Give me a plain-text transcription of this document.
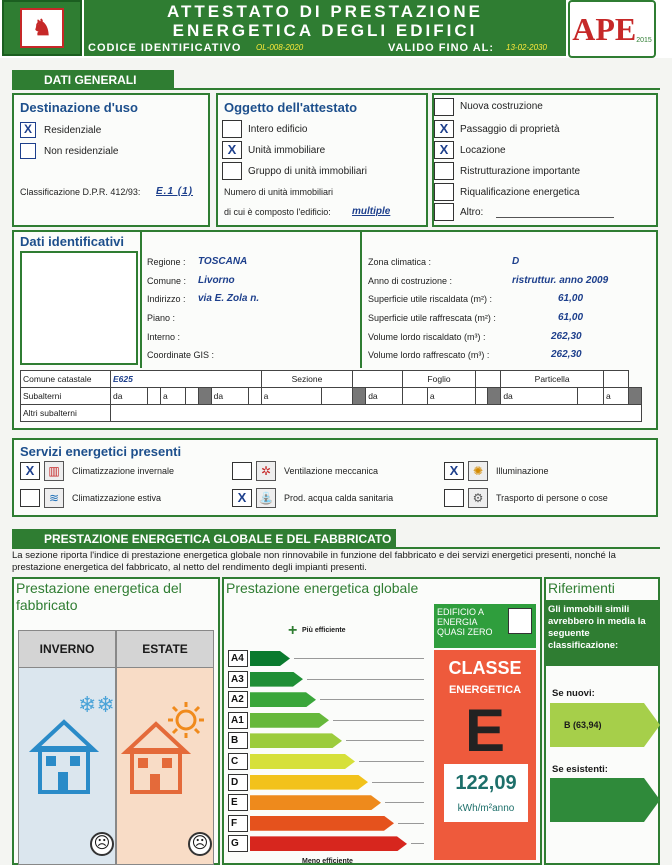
♞
ATTESTATO DI PRESTAZIONE
ENERGETICA DEGLI EDIFICI
CODICE IDENTIFICATIVO OL-008-2020	VALIDO FINO AL: 13-02-2030
APE 2015
DATI GENERALI
Destinazione d'uso
X	Residenziale
Non residenziale
Classificazione D.P.R. 412/93: E.1 (1)
Oggetto dell'attestato
Intero edificio
X	Unità immobiliare
Gruppo di unità immobiliari
Numero di unità immobiliari
di cui è composto l'edificio: multiple
Nuova costruzione
X	Passaggio di proprietà
X	Locazione
Ristrutturazione importante
Riqualificazione energetica
Altro:
Dati identificativi
Regione : TOSCANA
Comune : Livorno
Indirizzo : via E. Zola n.
Piano :
Interno :
Coordinate GIS :
Zona climatica :	D
Anno di costruzione :	ristruttur. anno 2009
Superficie utile riscaldata (m²) :	61,00
Superficie utile raffrescata (m²) :	61,00
Volume lordo riscaldato (m³) :	262,30
Volume lordo raffrescato (m³) :	262,30
Comune catastale	E625							Sezione				Foglio				Particella			
Subalterni	da		a			da		a			da		a			da		a	
Altri subalterni																			
Servizi energetici presenti
X	▥	Climatizzazione invernale	✲	Ventilazione meccanica	X	✺	Illuminazione
≋	Climatizzazione estiva	X	⛲ Prod. acqua calda sanitaria	⚙	Trasporto di persone o cose
PRESTAZIONE ENERGETICA GLOBALE E DEL FABBRICATO
La sezione riporta l'indice di prestazione energetica globale non rinnovabile in funzione del fabbricato e dei servizi energetici presenti, nonché la prestazione energetica del fabbricato, al netto del rendimento degli impianti presenti.
Prestazione energetica del fabbricato
INVERNO	ESTATE
❄❄
☹	☹
Prestazione energetica globale
+ Più efficiente
Meno efficiente
A4
A3
A2
A1
B
C
D
E
F
G
EDIFICIO A ENERGIA QUASI ZERO
CLASSE
ENERGETICA
E
122,09
kWh/m²anno
Riferimenti
Gli immobili simili avrebbero in media la seguente classificazione:
Se nuovi:
B (63,94)
Se esistenti:
